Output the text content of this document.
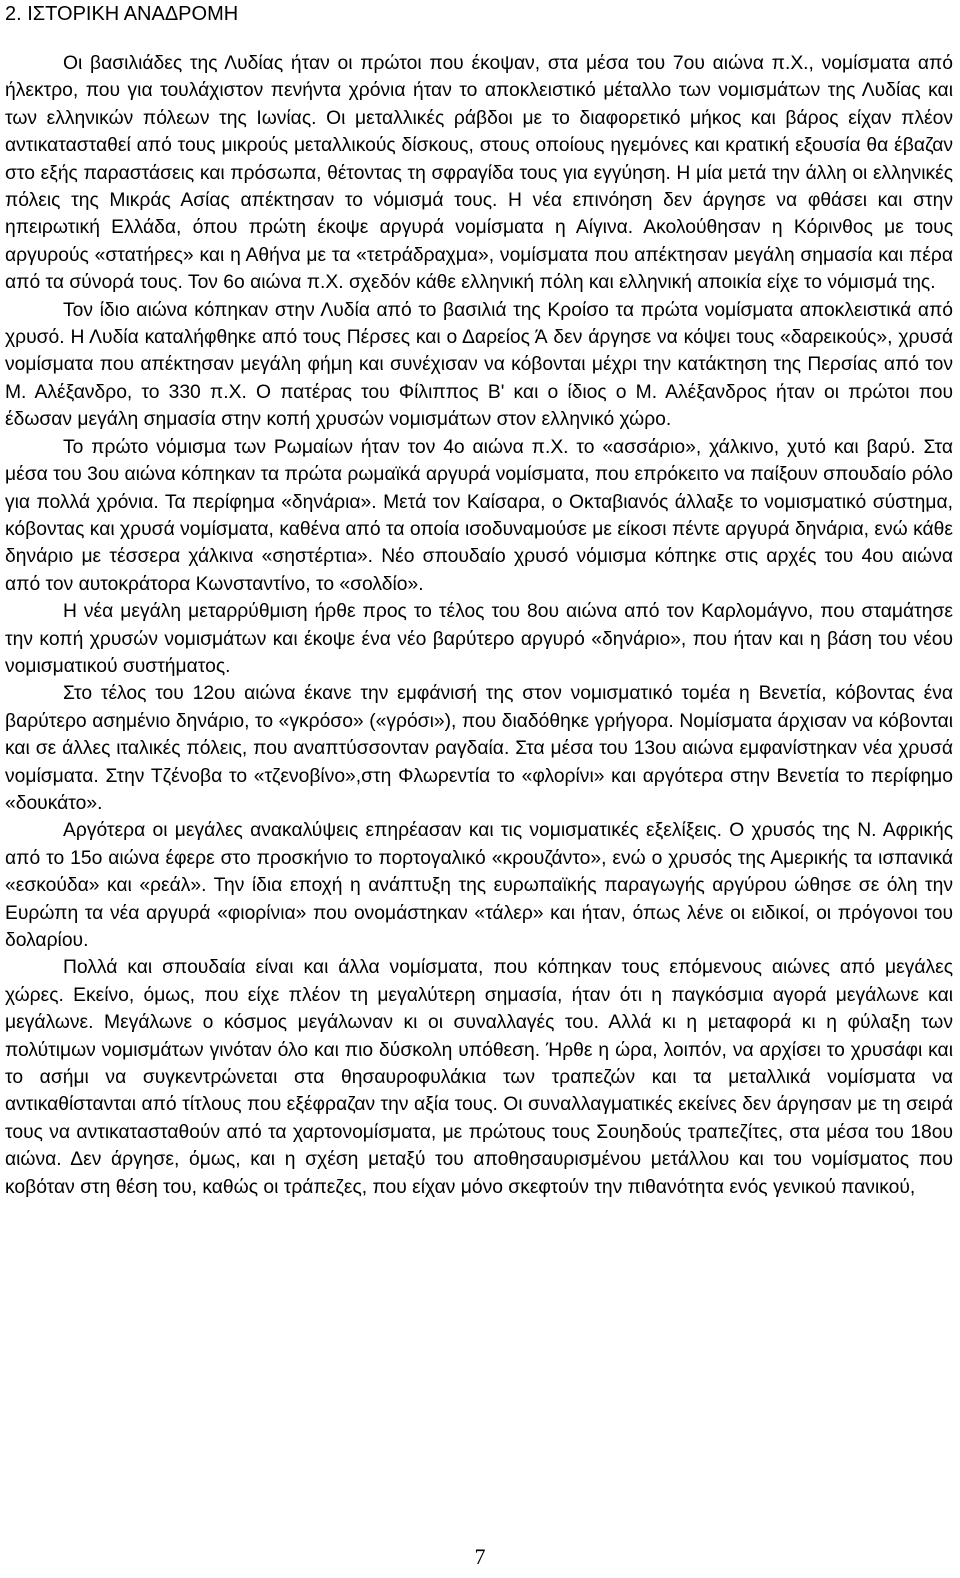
2. ΙΣΤΟΡΙΚΗ ΑΝΑΔΡΟΜΗ

Οι βασιλιάδες της Λυδίας ήταν οι πρώτοι που έκοψαν, στα μέσα του 7ου αιώνα π.Χ., νομίσματα από ήλεκτρο, που για τουλάχιστον πενήντα χρόνια ήταν το αποκλειστικό μέταλλο των νομισμάτων της Λυδίας και των ελληνικών πόλεων της Ιωνίας. Οι μεταλλικές ράβδοι με το διαφορετικό μήκος και βάρος είχαν πλέον αντικατασταθεί από τους μικρούς μεταλλικούς δίσκους, στους οποίους ηγεμόνες και κρατική εξουσία θα έβαζαν στο εξής παραστάσεις και πρόσωπα, θέτοντας τη σφραγίδα τους για εγγύηση. Η μία μετά την άλλη οι ελληνικές πόλεις της Μικράς Ασίας απέκτησαν το νόμισμά τους. Η νέα επινόηση δεν άργησε να φθάσει και στην ηπειρωτική Ελλάδα, όπου πρώτη έκοψε αργυρά νομίσματα η Αίγινα. Ακολούθησαν η Κόρινθος με τους αργυρούς «στατήρες» και η Αθήνα με τα «τετράδραχμα», νομίσματα που απέκτησαν μεγάλη σημασία και πέρα από τα σύνορά τους. Τον 6ο αιώνα π.Χ. σχεδόν κάθε ελληνική πόλη και ελληνική αποικία είχε το νόμισμά της.

Τον ίδιο αιώνα κόπηκαν στην Λυδία από το βασιλιά της Κροίσο τα πρώτα νομίσματα αποκλειστικά από χρυσό. Η Λυδία καταλήφθηκε από τους Πέρσες και ο Δαρείος Ά δεν άργησε να κόψει τους «δαρεικούς», χρυσά νομίσματα που απέκτησαν μεγάλη φήμη και συνέχισαν να κόβονται μέχρι την κατάκτηση της Περσίας από τον Μ. Αλέξανδρο, το 330 π.Χ. Ο πατέρας του Φίλιππος Β' και ο ίδιος ο Μ. Αλέξανδρος ήταν οι πρώτοι που έδωσαν μεγάλη σημασία στην κοπή χρυσών νομισμάτων στον ελληνικό χώρο.

Το πρώτο νόμισμα των Ρωμαίων ήταν τον 4ο αιώνα π.Χ. το «ασσάριο», χάλκινο, χυτό και βαρύ. Στα μέσα του 3ου αιώνα κόπηκαν τα πρώτα ρωμαϊκά αργυρά νομίσματα, που επρόκειτο να παίξουν σπουδαίο ρόλο για πολλά χρόνια. Τα περίφημα «δηνάρια». Μετά τον Καίσαρα, ο Οκταβιανός άλλαξε το νομισματικό σύστημα, κόβοντας και χρυσά νομίσματα, καθένα από τα οποία ισοδυναμούσε με είκοσι πέντε αργυρά δηνάρια, ενώ κάθε δηνάριο με τέσσερα χάλκινα «σηστέρτια». Νέο σπουδαίο χρυσό νόμισμα κόπηκε στις αρχές του 4ου αιώνα από τον αυτοκράτορα Κωνσταντίνο, το «σολδίο».

Η νέα μεγάλη μεταρρύθμιση ήρθε προς το τέλος του 8ου αιώνα από τον Καρλομάγνο, που σταμάτησε την κοπή χρυσών νομισμάτων και έκοψε ένα νέο βαρύτερο αργυρό «δηνάριο», που ήταν και η βάση του νέου νομισματικού συστήματος.

Στο τέλος του 12ου αιώνα έκανε την εμφάνισή της στον νομισματικό τομέα η Βενετία, κόβοντας ένα βαρύτερο ασημένιο δηνάριο, το «γκρόσο» («γρόσι»), που διαδόθηκε γρήγορα. Νομίσματα άρχισαν να κόβονται και σε άλλες ιταλικές πόλεις, που αναπτύσσονταν ραγδαία. Στα μέσα του 13ου αιώνα εμφανίστηκαν νέα χρυσά νομίσματα. Στην Τζένοβα το «τζενοβίνο»,στη Φλωρεντία το «φλορίνι» και αργότερα στην Βενετία το περίφημο «δουκάτο».

Αργότερα οι μεγάλες ανακαλύψεις επηρέασαν και τις νομισματικές εξελίξεις. Ο χρυσός της Ν. Αφρικής από το 15ο αιώνα έφερε στο προσκήνιο το πορτογαλικό «κρουζάντο», ενώ ο χρυσός της Αμερικής τα ισπανικά «εσκούδα» και «ρεάλ». Την ίδια εποχή η ανάπτυξη της ευρωπαϊκής παραγωγής αργύρου ώθησε σε όλη την Ευρώπη τα νέα αργυρά «φιορίνια» που ονομάστηκαν «τάλερ» και ήταν, όπως λένε οι ειδικοί, οι πρόγονοι του δολαρίου.

Πολλά και σπουδαία είναι και άλλα νομίσματα, που κόπηκαν τους επόμενους αιώνες από μεγάλες χώρες. Εκείνο, όμως, που είχε πλέον τη μεγαλύτερη σημασία, ήταν ότι η παγκόσμια αγορά μεγάλωνε και μεγάλωνε. Μεγάλωνε ο κόσμος μεγάλωναν κι οι συναλλαγές του. Αλλά κι η μεταφορά κι η φύλαξη των πολύτιμων νομισμάτων γινόταν όλο και πιο δύσκολη υπόθεση. Ήρθε η ώρα, λοιπόν, να αρχίσει το χρυσάφι και το ασήμι να συγκεντρώνεται στα θησαυροφυλάκια των τραπεζών και τα μεταλλικά νομίσματα να αντικαθίστανται από τίτλους που εξέφραζαν την αξία τους. Οι συναλλαγματικές εκείνες δεν άργησαν με τη σειρά τους να αντικατασταθούν από τα χαρτονομίσματα, με πρώτους τους Σουηδούς τραπεζίτες, στα μέσα του 18ου αιώνα. Δεν άργησε, όμως, και η σχέση μεταξύ του αποθησαυρισμένου μετάλλου και του νομίσματος που κοβόταν στη θέση του, καθώς οι τράπεζες, που είχαν μόνο σκεφτούν την πιθανότητα ενός γενικού πανικού,

7
